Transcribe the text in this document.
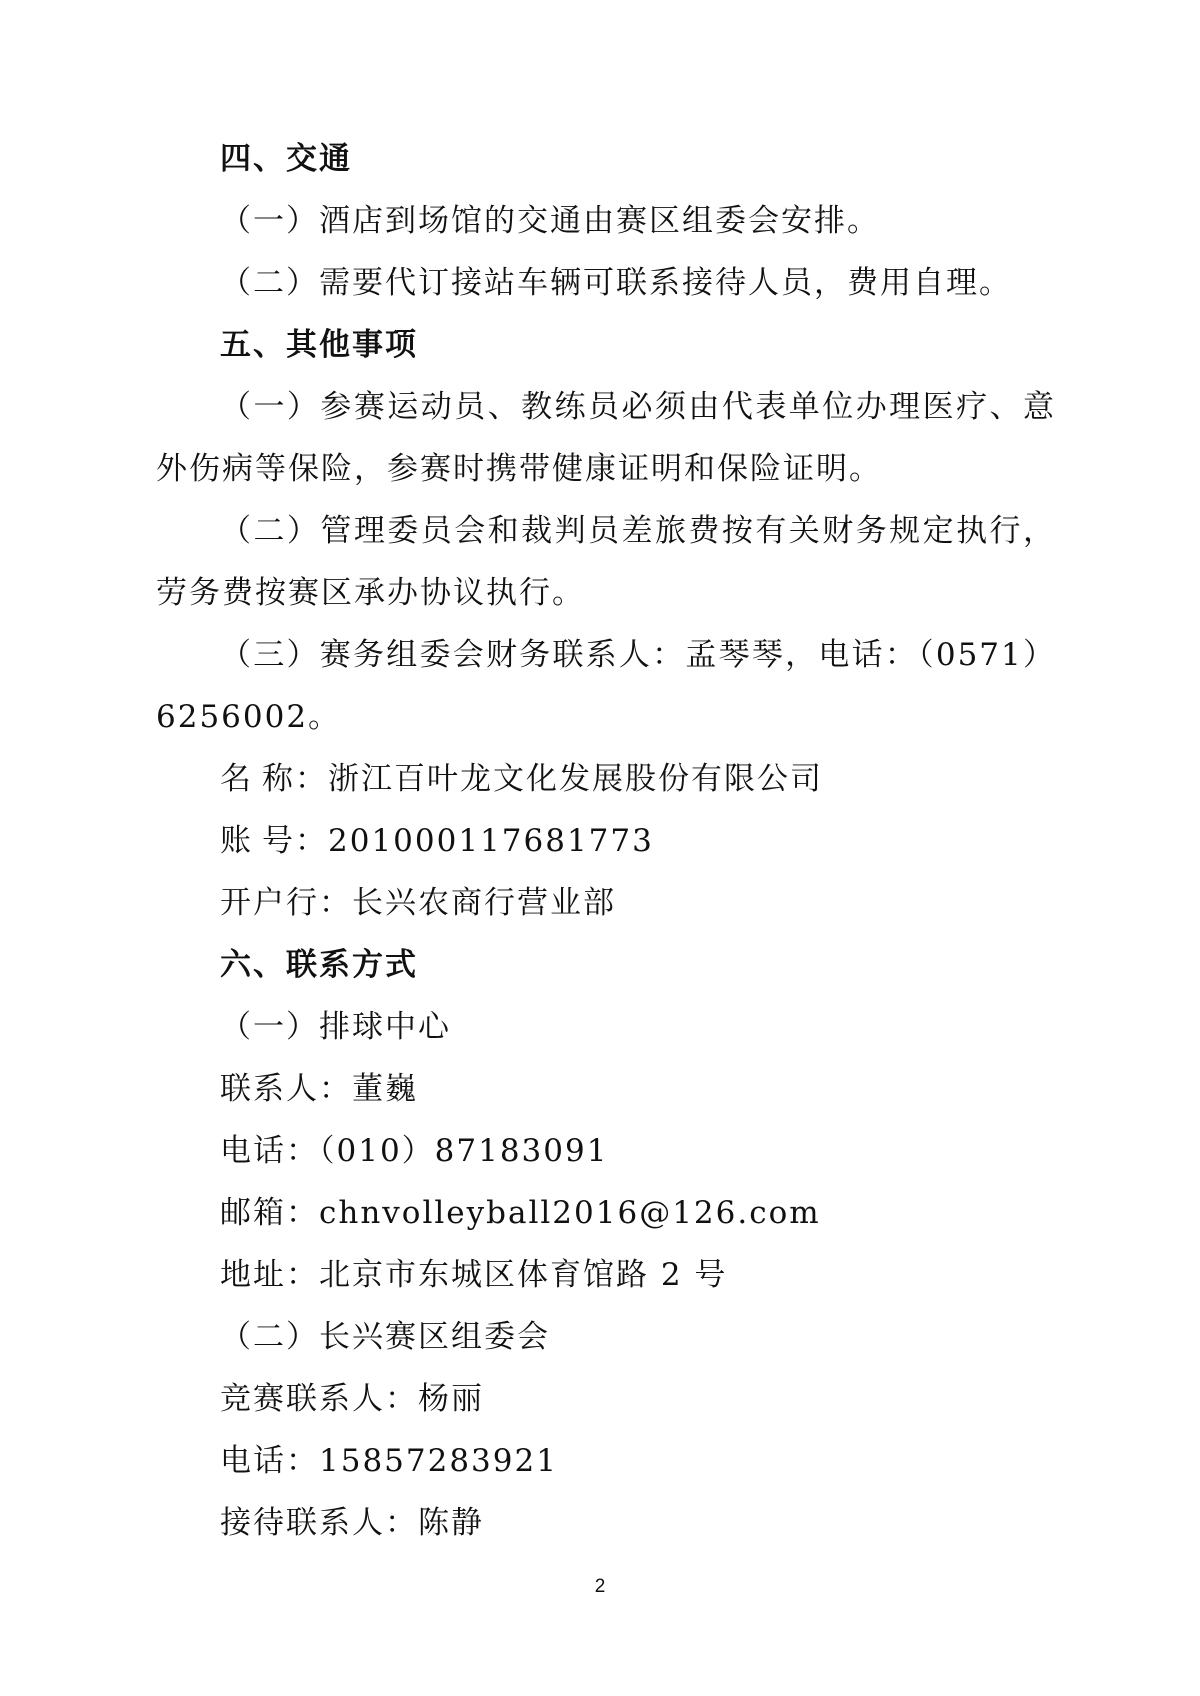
四、交通
（一）酒店到场馆的交通由赛区组委会安排。
（二）需要代订接站车辆可联系接待人员，费用自理。
五、其他事项
（一）参赛运动员、教练员必须由代表单位办理医疗、意外伤病等保险，参赛时携带健康证明和保险证明。
（二）管理委员会和裁判员差旅费按有关财务规定执行，劳务费按赛区承办协议执行。
（三）赛务组委会财务联系人：孟琴琴，电话：（0571）6256002。
名 称： 浙江百叶龙文化发展股份有限公司
账 号： 201000117681773
开户行：长兴农商行营业部
六、联系方式
（一）排球中心
联系人：董巍
电话：（010）87183091
邮箱：chnvolleyball2016@126.com
地址：北京市东城区体育馆路 2 号
（二）长兴赛区组委会
竞赛联系人：杨丽
电话：15857283921
接待联系人：陈静
2
